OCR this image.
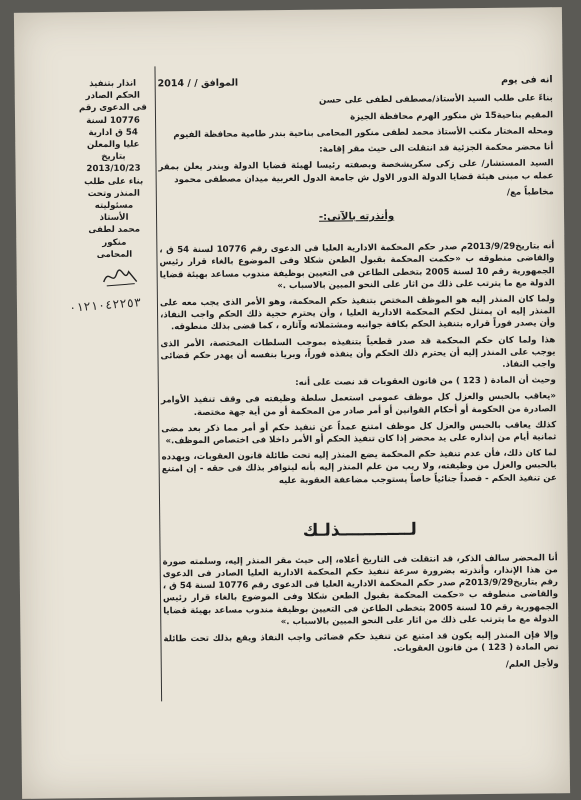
انه فى يوم
الموافق / / 2014

بناءً على طلب السيد الأستاذ/مصطفى لطفى على حسن

المقيم بناحية15 ش منكور الهرم محافظة الجيزة

ومحله المختار مكتب الأستاذ محمد لطفى منكور المحامى بناحية بندر طامية محافظة الفيوم

أنا محضر محكمة الجزئية قد انتقلت الى حيث مقر إقامة:

السيد المستشار/ على زكى سكريشخصة وبصفته رئيسا لهيئة قضايا الدولة وبندر يعلن بمقر عمله ب مبنى هيئة قضايا الدولة الدور الاول ش جامعة الدول العربية ميدان مصطفى محمود

مخاطباً مع/

وأنذرته بالآتى:-

أنه بتاريخ2013/9/29م صدر حكم المحكمة الادارية العليا فى الدعوى رقم 10776 لسنة 54 ق ، والقاضى منطوقه ب «حكمت المحكمة بقبول الطعن شكلا وفى الموضوع بالغاء قرار رئيس الجمهورية رقم 10 لسنة 2005 بتخطى الطاعن فى التعيين بوظيفة مندوب مساعد بهيئة قضايا الدولة مع ما يترتب على ذلك من اثار على النحو المبين بالاسباب .»

ولما كان المنذر إليه هو الموظف المختص بتنفيذ حكم المحكمة، وهو الأمر الذى يجب معه على المنذر إليه ان يمتثل لحكم المحكمة الادارية العليا ، وأن يحترم حجية ذلك الحكم واجب النفاذ، وأن يصدر فوراً قراره بتنفيذ الحكم بكافة جوانبه ومشتملاته وآثاره ، كما قضى بذلك منطوقه.

هذا ولما كان حكم المحكمة قد صدر قطعياً بتنفيذه بموجب السلطات المختصة، الأمر الذى يوجب على المنذر إليه أن يحترم ذلك الحكم وأن ينفذه فوراً، وبريا بنفسه أن يهدر حكم قضائى واجب النفاذ.

وحيث أن المادة ( 123 ) من قانون العقوبات قد نصت على أنه:

«يعاقب بالحبس والعزل كل موظف عمومى استعمل سلطة وظيفته فى وقف تنفيذ الأوامر الصادرة من الحكومة أو أحكام القوانين أو أمر صادر من المحكمة أو من أية جهة مختصة.

كذلك يعاقب بالحبس والعزل كل موظف امتنع عمداً عن تنفيذ حكم أو أمر مما ذكر بعد مضى ثمانية أيام من إنذاره على يد محضر إذا كان تنفيذ الحكم أو الأمر داخلا فى اختصاص الموظف.»

لما كان ذلك، فأن عدم تنفيذ حكم المحكمة يضع المنذر إليه تحت طائلة قانون العقوبات، ويهدده بالحبس والعزل من وظيفته، ولا ريب من علم المنذر إليه بأنه ليتوافر بذلك فى حقه - إن امتنع عن تنفيذ الحكم - قصداً جنائياً خاصاً يستوجب مضاعفة العقوبة عليه

لــــــــــــذلـك

أنا المحضر سالف الذكر، قد انتقلت فى التاريخ أعلاه، إلى حيث مقر المنذر إليه، وسلمته صورة من هذا الإنذار، وأنذرته بضرورة سرعة تنفيذ حكم المحكمة الادارية العليا الصادر فى الدعوى رقم بتاريخ2013/9/29م صدر حكم المحكمة الادارية العليا فى الدعوى رقم 10776 لسنة 54 ق ، والقاضى منطوقه ب «حكمت المحكمة بقبول الطعن شكلا وفى الموضوع بالغاء قرار رئيس الجمهورية رقم 10 لسنة 2005 بتخطى الطاعن فى التعيين بوظيفة مندوب مساعد بهيئة قضايا الدولة مع ما يترتب على ذلك من اثار على النحو المبين بالاسباب .»

وإلا فإن المنذر إليه يكون قد امتنع عن تنفيذ حكم قضائى واجب النفاذ ويقع بذلك تحت طائلة نص المادة ( 123 ) من قانون العقوبات.

ولأجل العلم/

انذار بتنفيذ
الحكم الصادر
فى الدعوى رقم
10776 لسنة
54 ق ادارية
عليا والمعلن
بتاريخ
2013/10/23
بناء على طلب
المنذر وتحت
مسئوليته
الأستاذ
محمد لطفى منكور
المحامى
٠١٢١٠٤٢٢٥٣
